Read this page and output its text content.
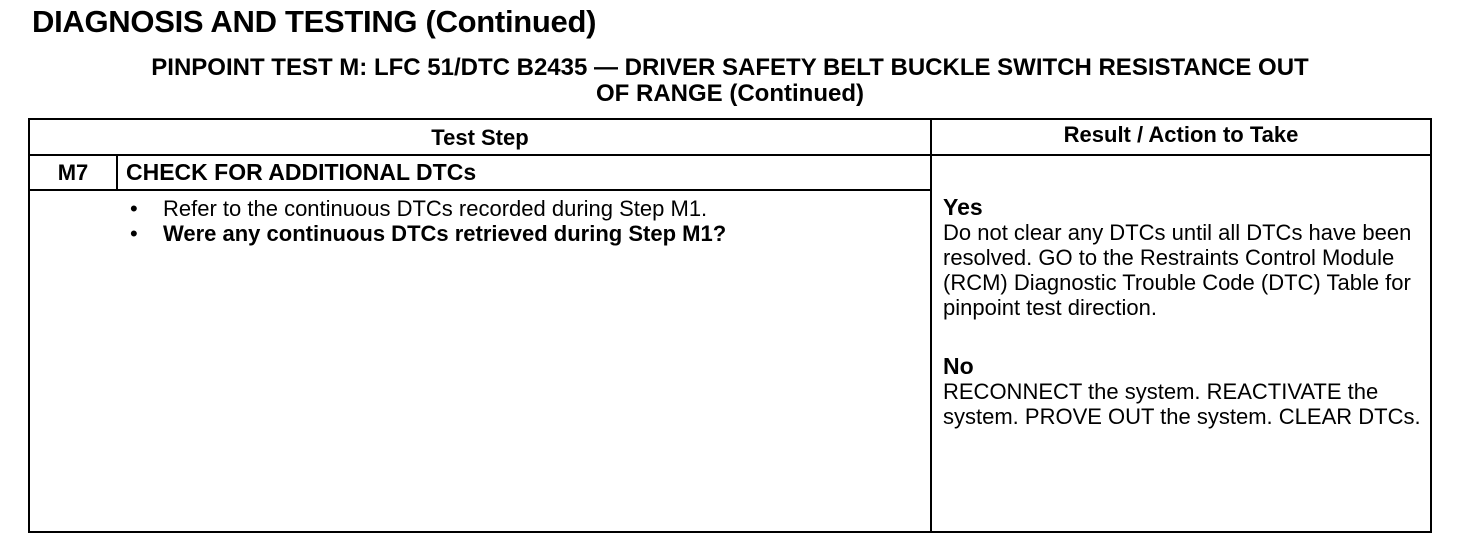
DIAGNOSIS AND TESTING (Continued)
PINPOINT TEST M: LFC 51/DTC B2435 — DRIVER SAFETY BELT BUCKLE SWITCH RESISTANCE OUT
OF RANGE (Continued)
Test Step	Result / Action to Take
M7	CHECK FOR ADDITIONAL DTCs
• Refer to the continuous DTCs recorded during Step M1.
• Were any continuous DTCs retrieved during Step M1?
Yes
Do not clear any DTCs until all DTCs have been resolved. GO to the Restraints Control Module (RCM) Diagnostic Trouble Code (DTC) Table for pinpoint test direction.
No
RECONNECT the system. REACTIVATE the system. PROVE OUT the system. CLEAR DTCs.
